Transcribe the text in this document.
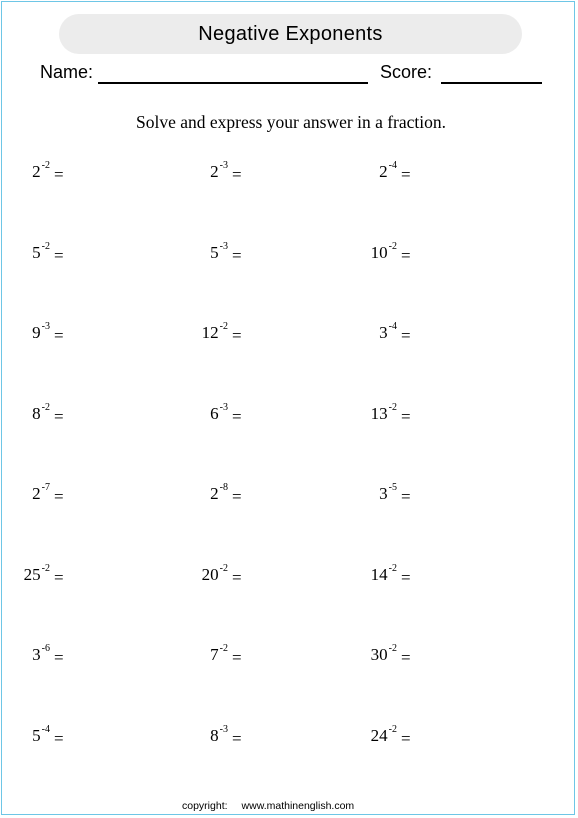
Negative Exponents
Name:	Score:
Solve and express your answer in a fraction.
$2^{-2}$ =	$2^{-3}$ =	$2^{-4}$ =
$5^{-2}$ =	$5^{-3}$ =	$10^{-2}$ =
$9^{-3}$ =	$12^{-2}$ =	$3^{-4}$ =
$8^{-2}$ =	$6^{-3}$ =	$13^{-2}$ =
$2^{-7}$ =	$2^{-8}$ =	$3^{-5}$ =
$25^{-2}$ =	$20^{-2}$ =	$14^{-2}$ =
$3^{-6}$ =	$7^{-2}$ =	$30^{-2}$ =
$5^{-4}$ =	$8^{-3}$ =	$24^{-2}$ =
copyright: www.mathinenglish.com
